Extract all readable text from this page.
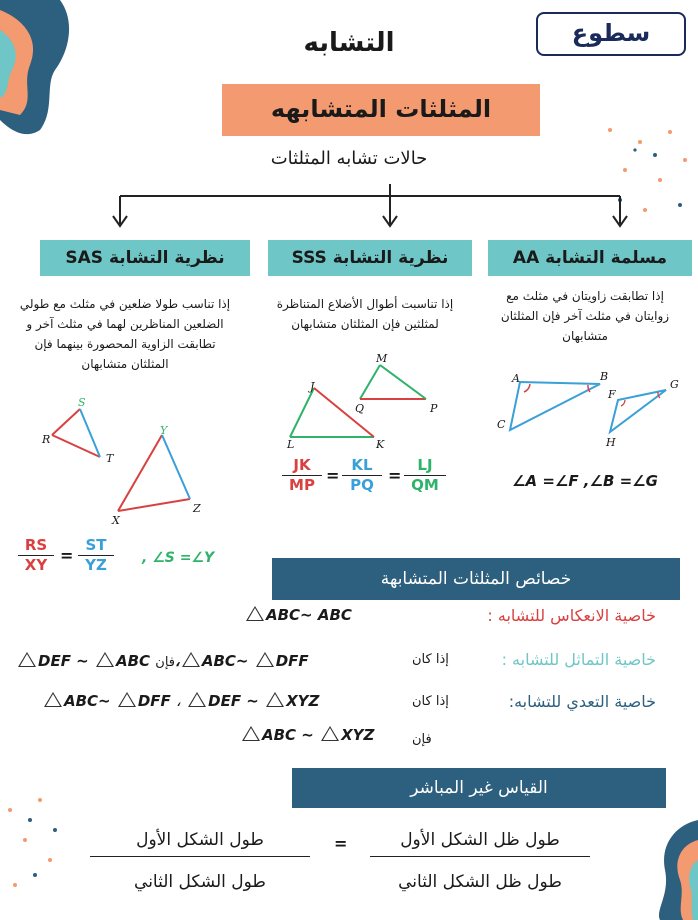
سطوع
التشابه
المثلثات المتشابهه
حالات تشابه المثلثات
مسلمة التشابة AA
نظرية التشابة SSS
نظرية التشابة SAS
إذا تطابقت زاويتان في مثلث مع
زوايتان في مثلث آخر فإن المثلثان
متشابهان
إذا تناسبت أطوال الأضلاع المتناظرة
لمثلثين فإن المثلثان متشابهان
إذا تناسب طولا ضلعين في مثلث مع طولي
الضلعين المناظرين لهما في مثلث آخر و
تطابقت الزاوية المحصورة بينهما فإن
المثلثان متشابهان
A	B
C
F
G
H
∠A =∠F ,∠B =∠G
J
M
Q	P
L	K
$\frac{JK}{MP} = \frac{KL}{PQ} = \frac{LJ}{QM}$
S
R
T
Y
X
Z
$\frac{RS}{XY} = \frac{ST}{YZ}$ , ∠S =∠Y
خصائص المثلثات المتشابهة
خاصية الانعكاس للتشابه :
ABC~ ABC
خاصية التماثل للتشابه :
إذا كان
DEF ~ ABC فإن، ABC~ DFF
خاصية التعدي للتشابه:
إذا كان
ABC~ DFF ، DEF ~ XYZ
فإن
ABC ~ XYZ
القياس غير المباشر
طول ظل الشكل الأول
طول ظل الشكل الثاني
=
طول الشكل الأول
طول الشكل الثاني
